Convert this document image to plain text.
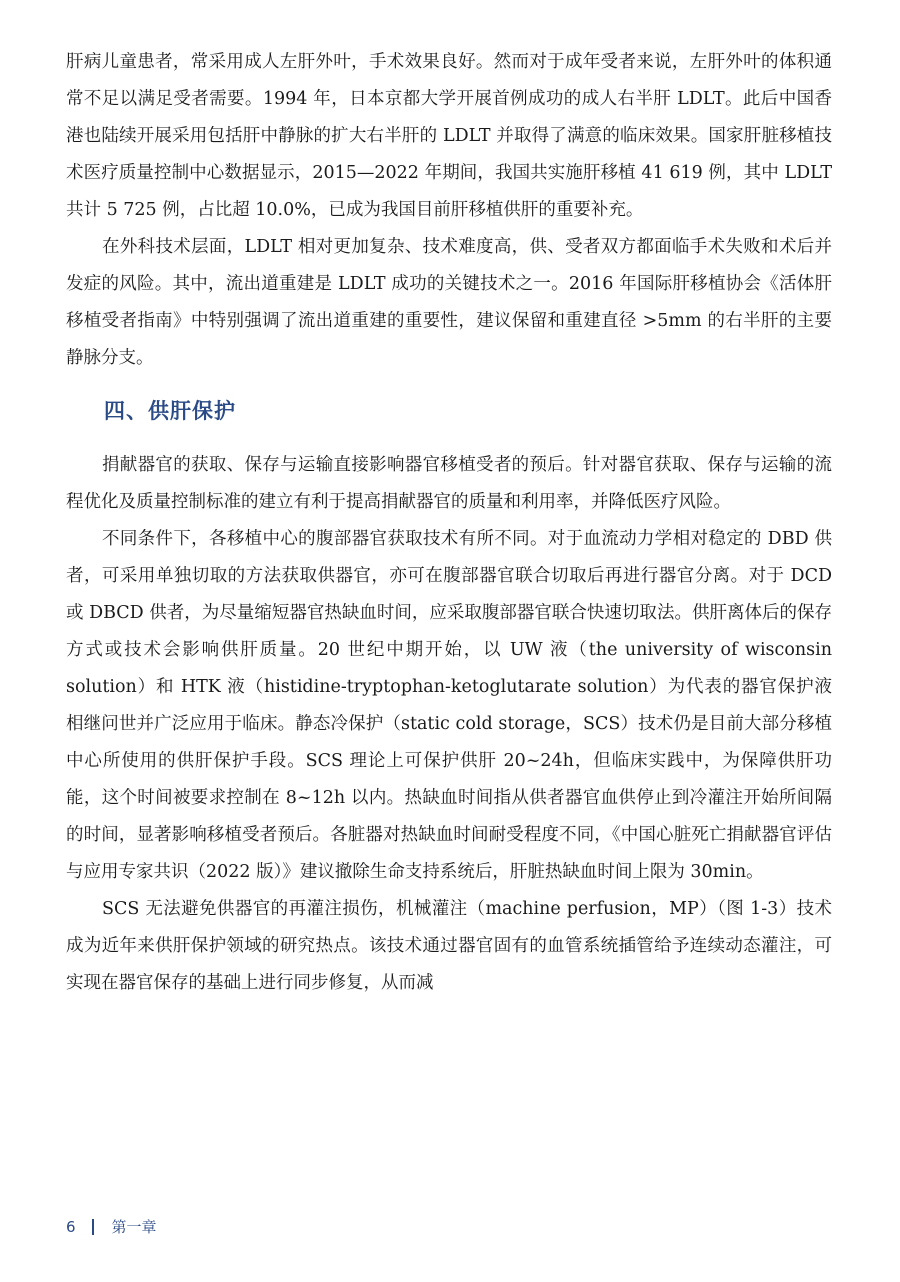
肝病儿童患者，常采用成人左肝外叶，手术效果良好。然而对于成年受者来说，左肝外叶的体积通常不足以满足受者需要。1994 年，日本京都大学开展首例成功的成人右半肝 LDLT。此后中国香港也陆续开展采用包括肝中静脉的扩大右半肝的 LDLT 并取得了满意的临床效果。国家肝脏移植技术医疗质量控制中心数据显示，2015—2022 年期间，我国共实施肝移植 41 619 例，其中 LDLT 共计 5 725 例，占比超 10.0%，已成为我国目前肝移植供肝的重要补充。

在外科技术层面，LDLT 相对更加复杂、技术难度高，供、受者双方都面临手术失败和术后并发症的风险。其中，流出道重建是 LDLT 成功的关键技术之一。2016 年国际肝移植协会《活体肝移植受者指南》中特别强调了流出道重建的重要性，建议保留和重建直径 >5mm 的右半肝的主要静脉分支。

四、供肝保护

捐献器官的获取、保存与运输直接影响器官移植受者的预后。针对器官获取、保存与运输的流程优化及质量控制标准的建立有利于提高捐献器官的质量和利用率，并降低医疗风险。

不同条件下，各移植中心的腹部器官获取技术有所不同。对于血流动力学相对稳定的 DBD 供者，可采用单独切取的方法获取供器官，亦可在腹部器官联合切取后再进行器官分离。对于 DCD 或 DBCD 供者，为尽量缩短器官热缺血时间，应采取腹部器官联合快速切取法。供肝离体后的保存方式或技术会影响供肝质量。20 世纪中期开始，以 UW 液（the university of wisconsin solution）和 HTK 液（histidine-tryptophan-ketoglutarate solution）为代表的器官保护液相继问世并广泛应用于临床。静态冷保护（static cold storage，SCS）技术仍是目前大部分移植中心所使用的供肝保护手段。SCS 理论上可保护供肝 20~24h，但临床实践中，为保障供肝功能，这个时间被要求控制在 8~12h 以内。热缺血时间指从供者器官血供停止到冷灌注开始所间隔的时间，显著影响移植受者预后。各脏器对热缺血时间耐受程度不同，《中国心脏死亡捐献器官评估与应用专家共识（2022 版）》建议撤除生命支持系统后，肝脏热缺血时间上限为 30min。

SCS 无法避免供器官的再灌注损伤，机械灌注（machine perfusion，MP）（图 1-3）技术成为近年来供肝保护领域的研究热点。该技术通过器官固有的血管系统插管给予连续动态灌注，可实现在器官保存的基础上进行同步修复，从而减

6 第一章
